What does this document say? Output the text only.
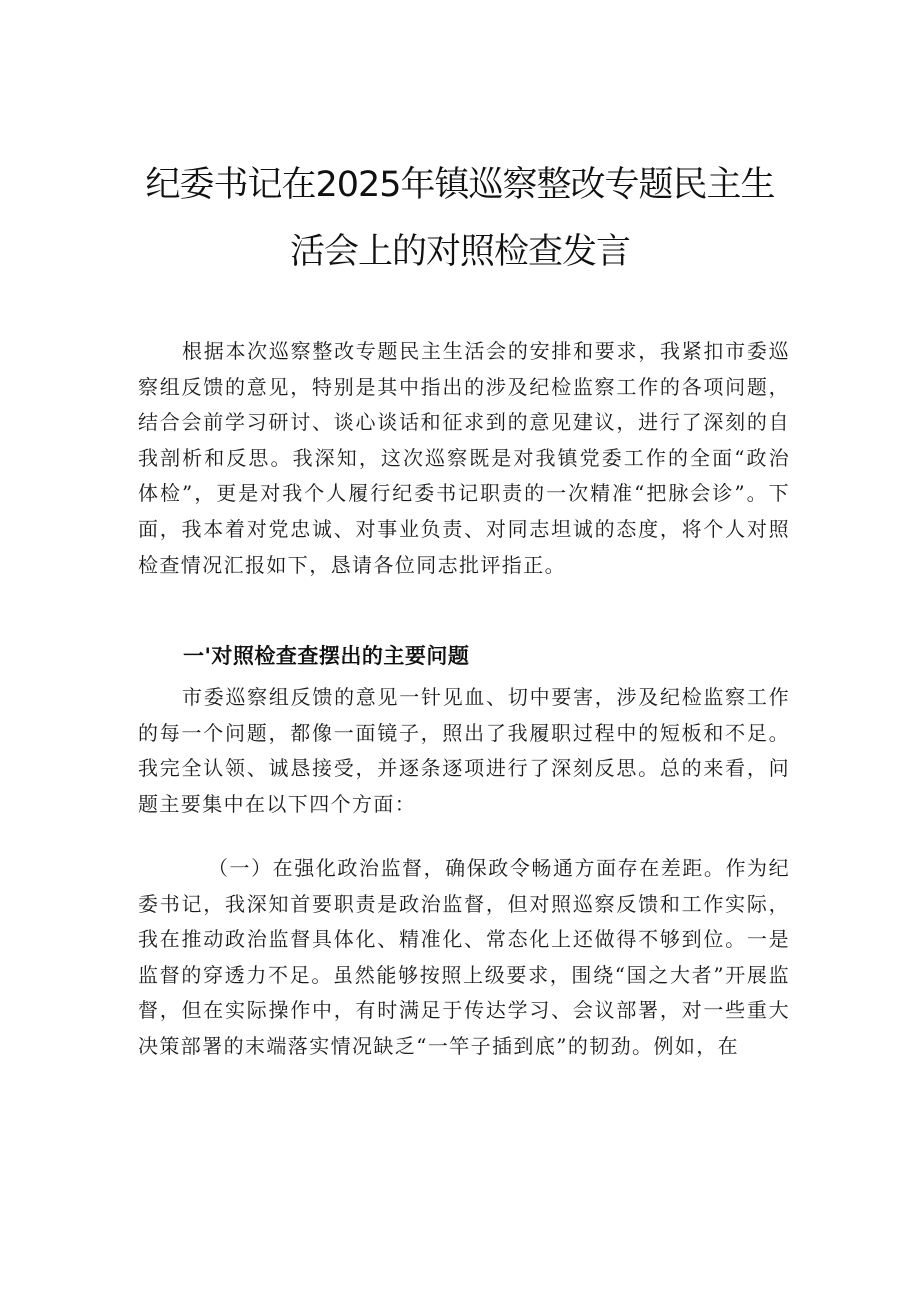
纪委书记在2025年镇巡察整改专题民主生
活会上的对照检查发言

根据本次巡察整改专题民主生活会的安排和要求，我紧扣市委巡察组反馈的意见，特别是其中指出的涉及纪检监察工作的各项问题，结合会前学习研讨、谈心谈话和征求到的意见建议，进行了深刻的自我剖析和反思。我深知，这次巡察既是对我镇党委工作的全面“政治体检”，更是对我个人履行纪委书记职责的一次精准“把脉会诊”。下面，我本着对党忠诚、对事业负责、对同志坦诚的态度，将个人对照检查情况汇报如下，恳请各位同志批评指正。

一'对照检查查摆出的主要问题

市委巡察组反馈的意见一针见血、切中要害，涉及纪检监察工作的每一个问题，都像一面镜子，照出了我履职过程中的短板和不足。我完全认领、诚恳接受，并逐条逐项进行了深刻反思。总的来看，问题主要集中在以下四个方面：

（一）在强化政治监督，确保政令畅通方面存在差距。作为纪委书记，我深知首要职责是政治监督，但对照巡察反馈和工作实际，我在推动政治监督具体化、精准化、常态化上还做得不够到位。一是监督的穿透力不足。虽然能够按照上级要求，围绕“国之大者”开展监督，但在实际操作中，有时满足于传达学习、会议部署，对一些重大决策部署的末端落实情况缺乏“一竿子插到底”的韧劲。例如，在
